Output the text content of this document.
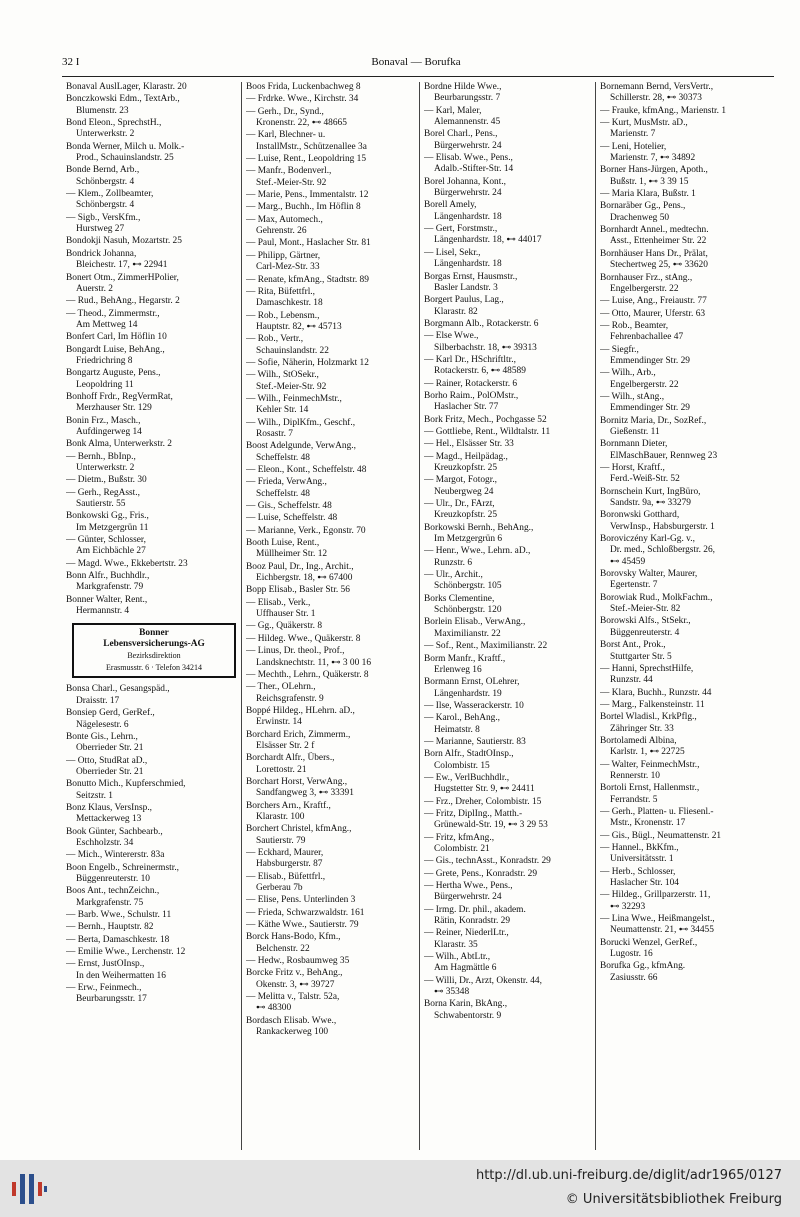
32 I	Bonaval — Borufka
Bonaval AuslLager, Klarastr. 20
Bonczkowski Edm., TextArb.,
Blumenstr. 23
Bond Eleon., SprechstH.,
Unterwerkstr. 2
Bonda Werner, Milch u. Molk.-
Prod., Schauinslandstr. 25
Bonde Bernd, Arb.,
Schönbergstr. 4
— Klem., Zollbeamter,
Schönbergstr. 4
— Sigb., VersKfm.,
Hurstweg 27
Bondokji Nasuh, Mozartstr. 25
Bondrick Johanna,
Bleichestr. 17, ⊷ 22941
Bonert Otm., ZimmerHPolier,
Auerstr. 2
— Rud., BehAng., Hegarstr. 2
— Theod., Zimmermstr.,
Am Mettweg 14
Bonfert Carl, Im Höflin 10
Bongardt Luise, BehAng.,
Friedrichring 8
Bongartz Auguste, Pens.,
Leopoldring 11
Bonhoff Frdr., RegVermRat,
Merzhauser Str. 129
Bonin Frz., Masch.,
Aufdingerweg 14
Bonk Alma, Unterwerkstr. 2
— Bernh., BbInp.,
Unterwerkstr. 2
— Dietm., Bußstr. 30
— Gerh., RegAsst.,
Sautierstr. 55
Bonkowski Gg., Fris.,
Im Metzgergrün 11
— Günter, Schlosser,
Am Eichbächle 27
— Magd. Wwe., Ekkebertstr. 23
Bonn Alfr., Buchhdlr.,
Markgrafenstr. 79
Bonner Walter, Rent.,
Hermannstr. 4
Bonner
Lebensversicherungs-AG
Bezirksdirektion
Erasmusstr. 6 · Telefon 34214
Bonsa Charl., Gesangspäd.,
Draisstr. 17
Bonsiep Gerd, GerRef.,
Nägelesestr. 6
Bonte Gis., Lehrn.,
Oberrieder Str. 21
— Otto, StudRat aD.,
Oberrieder Str. 21
Bonutto Mich., Kupferschmied,
Seitzstr. 1
Bonz Klaus, VersInsp.,
Mettackerweg 13
Book Günter, Sachbearb.,
Eschholzstr. 34
— Mich., Wintererstr. 83a
Boon Engelb., Schreinermstr.,
Büggenreuterstr. 10
Boos Ant., technZeichn.,
Markgrafenstr. 75
— Barb. Wwe., Schulstr. 11
— Bernh., Hauptstr. 82
— Berta, Damaschkestr. 18
— Emilie Wwe., Lerchenstr. 12
— Ernst, JustOInsp.,
In den Weihermatten 16
— Erw., Feinmech.,
Beurbarungsstr. 17
Boos Frida, Luckenbachweg 8
— Frdrke. Wwe., Kirchstr. 34
— Gerh., Dr., Synd.,
Kronenstr. 22, ⊷ 48665
— Karl, Blechner- u.
InstallMstr., Schützenallee 3a
— Luise, Rent., Leopoldring 15
— Manfr., Bodenverl.,
Stef.-Meier-Str. 92
— Marie, Pens., Immentalstr. 12
— Marg., Buchh., Im Höflin 8
— Max, Automech.,
Gehrenstr. 26
— Paul, Mont., Haslacher Str. 81
— Philipp, Gärtner,
Carl-Mez-Str. 33
— Renate, kfmAng., Stadtstr. 89
— Rita, Büfettfrl.,
Damaschkestr. 18
— Rob., Lebensm.,
Hauptstr. 82, ⊷ 45713
— Rob., Vertr.,
Schauinslandstr. 22
— Sofie, Näherin, Holzmarkt 12
— Wilh., StOSekr.,
Stef.-Meier-Str. 92
— Wilh., FeinmechMstr.,
Kehler Str. 14
— Wilh., DiplKfm., Geschf.,
Rosastr. 7
Boost Adelgunde, VerwAng.,
Scheffelstr. 48
— Eleon., Kont., Scheffelstr. 48
— Frieda, VerwAng.,
Scheffelstr. 48
— Gis., Scheffelstr. 48
— Luise, Scheffelstr. 48
— Marianne, Verk., Egonstr. 70
Booth Luise, Rent.,
Müllheimer Str. 12
Booz Paul, Dr., Ing., Archit.,
Eichbergstr. 18, ⊷ 67400
Bopp Elisab., Basler Str. 56
— Elisab., Verk.,
Uffhauser Str. 1
— Gg., Quäkerstr. 8
— Hildeg. Wwe., Quäkerstr. 8
— Linus, Dr. theol., Prof.,
Landsknechtstr. 11, ⊷ 3 00 16
— Mechth., Lehrn., Quäkerstr. 8
— Ther., OLehrn.,
Reichsgrafenstr. 9
Boppé Hildeg., HLehrn. aD.,
Erwinstr. 14
Borchard Erich, Zimmerm.,
Elsässer Str. 2 f
Borchardt Alfr., Übers.,
Lorettostr. 21
Borchart Horst, VerwAng.,
Sandfangweg 3, ⊷ 33391
Borchers Arn., Kraftf.,
Klarastr. 100
Borchert Christel, kfmAng.,
Sautierstr. 79
— Eckhard, Maurer,
Habsburgerstr. 87
— Elisab., Büfettfrl.,
Gerberau 7b
— Elise, Pens. Unterlinden 3
— Frieda, Schwarzwaldstr. 161
— Käthe Wwe., Sautierstr. 79
Borck Hans-Bodo, Kfm.,
Belchenstr. 22
— Hedw., Rosbaumweg 35
Borcke Fritz v., BehAng.,
Okenstr. 3, ⊷ 39727
— Melitta v., Talstr. 52a,
⊷ 48300
Bordasch Elisab. Wwe.,
Rankackerweg 100
Bordne Hilde Wwe.,
Beurbarungsstr. 7
— Karl, Maler,
Alemannenstr. 45
Borel Charl., Pens.,
Bürgerwehrstr. 24
— Elisab. Wwe., Pens.,
Adalb.-Stifter-Str. 14
Borel Johanna, Kont.,
Bürgerwehrstr. 24
Borell Amely,
Längenhardstr. 18
— Gert, Forstmstr.,
Längenhardstr. 18, ⊷ 44017
— Lisel, Sekr.,
Längenhardstr. 18
Borgas Ernst, Hausmstr.,
Basler Landstr. 3
Borgert Paulus, Lag.,
Klarastr. 82
Borgmann Alb., Rotackerstr. 6
— Else Wwe.,
Silberbachstr. 18, ⊷ 39313
— Karl Dr., HSchriftltr.,
Rotackerstr. 6, ⊷ 48589
— Rainer, Rotackerstr. 6
Borho Raim., PolOMstr.,
Haslacher Str. 77
Bork Fritz, Mech., Pochgasse 52
— Gottliebe, Rent., Wildtalstr. 11
— Hel., Elsässer Str. 33
— Magd., Heilpädag.,
Kreuzkopfstr. 25
— Margot, Fotogr.,
Neubergweg 24
— Ulr., Dr., FArzt,
Kreuzkopfstr. 25
Borkowski Bernh., BehAng.,
Im Metzgergrün 6
— Henr., Wwe., Lehrn. aD.,
Runzstr. 6
— Ulr., Archit.,
Schönbergstr. 105
Borks Clementine,
Schönbergstr. 120
Borlein Elisab., VerwAng.,
Maximilianstr. 22
— Sof., Rent., Maximilianstr. 22
Borm Manfr., Kraftf.,
Erlenweg 16
Bormann Ernst, OLehrer,
Längenhardstr. 19
— Ilse, Wasserackerstr. 10
— Karol., BehAng.,
Heimatstr. 8
— Marianne, Sautierstr. 83
Born Alfr., StadtOInsp.,
Colombistr. 15
— Ew., VerlBuchhdlr.,
Hugstetter Str. 9, ⊷ 24411
— Frz., Dreher, Colombistr. 15
— Fritz, DiplIng., Matth.-
Grünewald-Str. 19, ⊷ 3 29 53
— Fritz, kfmAng.,
Colombistr. 21
— Gis., technAsst., Konradstr. 29
— Grete, Pens., Konradstr. 29
— Hertha Wwe., Pens.,
Bürgerwehrstr. 24
— Irmg. Dr. phil., akadem.
Rätin, Konradstr. 29
— Reiner, NiederlLtr.,
Klarastr. 35
— Wilh., AbtLtr.,
Am Hagmättle 6
— Willi, Dr., Arzt, Okenstr. 44,
⊷ 35348
Borna Karin, BkAng.,
Schwabentorstr. 9
Bornemann Bernd, VersVertr.,
Schillerstr. 28, ⊷ 30373
— Frauke, kfmAng., Marienstr. 1
— Kurt, MusMstr. aD.,
Marienstr. 7
— Leni, Hotelier,
Marienstr. 7, ⊷ 34892
Borner Hans-Jürgen, Apoth.,
Bußstr. 1, ⊷ 3 39 15
— Maria Klara, Bußstr. 1
Bornaräber Gg., Pens.,
Drachenweg 50
Bornhardt Annel., medtechn.
Asst., Ettenheimer Str. 22
Bornhäuser Hans Dr., Prälat,
Stechertweg 25, ⊷ 33620
Bornhauser Frz., stAng.,
Engelbergerstr. 22
— Luise, Ang., Freiaustr. 77
— Otto, Maurer, Uferstr. 63
— Rob., Beamter,
Fehrenbachallee 47
— Siegfr.,
Emmendinger Str. 29
— Wilh., Arb.,
Engelbergerstr. 22
— Wilh., stAng.,
Emmendinger Str. 29
Bornitz Maria, Dr., SozRef.,
Gießenstr. 11
Bornmann Dieter,
ElMaschBauer, Rennweg 23
— Horst, Kraftf.,
Ferd.-Weiß-Str. 52
Bornschein Kurt, IngBüro,
Sandstr. 9a, ⊷ 33279
Boronwski Gotthard,
VerwInsp., Habsburgerstr. 1
Borovicz​ény Karl-Gg. v.,
Dr. med., Schloßbergstr. 26,
⊷ 45459
Borovsky Walter, Maurer,
Egertenstr. 7
Borowiak Rud., MolkFachm.,
Stef.-Meier-Str. 82
Borowski Alfs., StSekr.,
Büggenreuterstr. 4
Borst Ant., Prok.,
Stuttgarter Str. 5
— Hanni, SprechstHilfe,
Runzstr. 44
— Klara, Buchh., Runzstr. 44
— Marg., Falkensteinstr. 11
Bortel Wladisl., KrkPflg.,
Zähringer Str. 33
Bortolamedi Albina,
Karlstr. 1, ⊷ 22725
— Walter, FeinmechMstr.,
Rennerstr. 10
Bortoli Ernst, Hallenmstr.,
Ferrandstr. 5
— Gerh., Platten- u. Fliesenl.-
Mstr., Kronenstr. 17
— Gis., Bügl., Neumattenstr. 21
— Hannel., BkKfm.,
Universitätsstr. 1
— Herb., Schlosser,
Haslacher Str. 104
— Hildeg., Grillparzerstr. 11,
⊷ 32293
— Lina Wwe., Heißmangelst.,
Neumattenstr. 21, ⊷ 34455
Borucki Wenzel, GerRef.,
Lugostr. 16
Borufka Gg., kfmAng.
Zasiusstr. 66
http://dl.ub.uni-freiburg.de/diglit/adr1965/0127
© Universitätsbibliothek Freiburg
